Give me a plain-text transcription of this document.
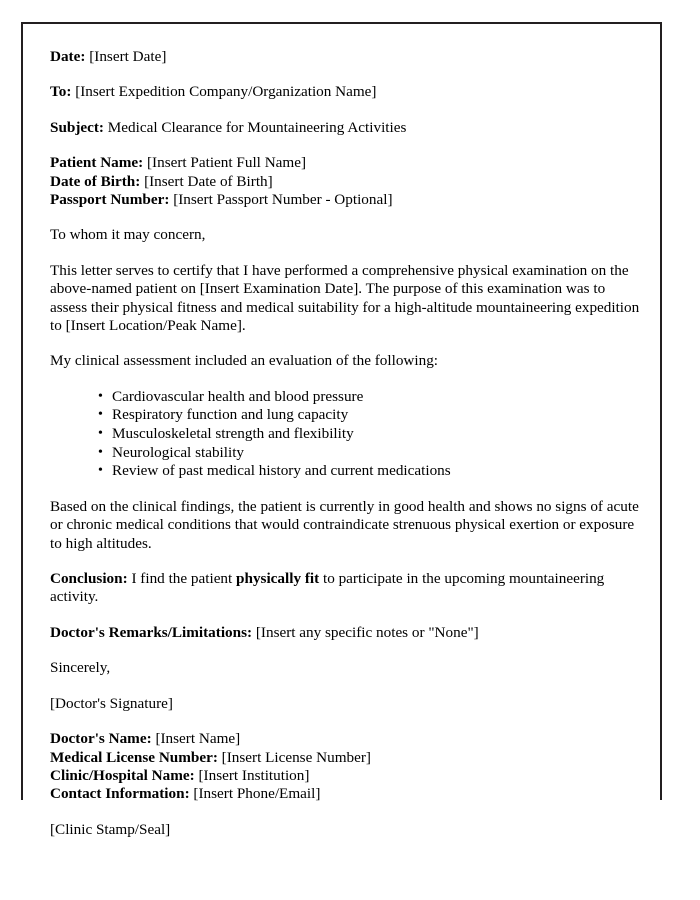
Date: [Insert Date]

To: [Insert Expedition Company/Organization Name]

Subject: Medical Clearance for Mountaineering Activities

Patient Name: [Insert Patient Full Name]

Date of Birth: [Insert Date of Birth]

Passport Number: [Insert Passport Number - Optional]

To whom it may concern,

This letter serves to certify that I have performed a comprehensive physical examination on the above-named patient on [Insert Examination Date]. The purpose of this examination was to assess their physical fitness and medical suitability for a high-altitude mountaineering expedition to [Insert Location/Peak Name].

My clinical assessment included an evaluation of the following:

• Cardiovascular health and blood pressure
• Respiratory function and lung capacity
• Musculoskeletal strength and flexibility
• Neurological stability
• Review of past medical history and current medications

Based on the clinical findings, the patient is currently in good health and shows no signs of acute or chronic medical conditions that would contraindicate strenuous physical exertion or exposure to high altitudes.

Conclusion: I find the patient physically fit to participate in the upcoming mountaineering activity.

Doctor's Remarks/Limitations: [Insert any specific notes or "None"]

Sincerely,

[Doctor's Signature]

Doctor's Name: [Insert Name]

Medical License Number: [Insert License Number]

Clinic/Hospital Name: [Insert Institution]

Contact Information: [Insert Phone/Email]

[Clinic Stamp/Seal]
